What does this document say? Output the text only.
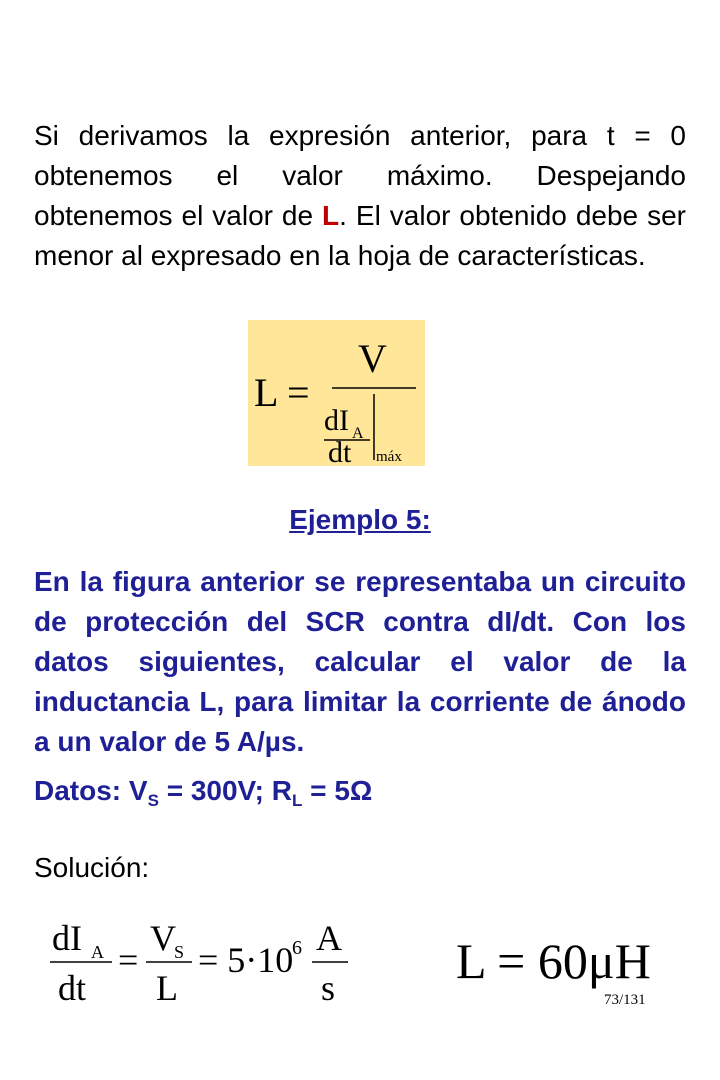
Si derivamos la expresión anterior, para t = 0 obtenemos el valor máximo. Despejando obtenemos el valor de L. El valor obtenido debe ser menor al expresado en la hoja de características.

L =
V
dI A
dt máx
Ejemplo 5:

En la figura anterior se representaba un circuito de protección del SCR contra dI/dt. Con los datos siguientes, calcular el valor de la inductancia L, para limitar la corriente de ánodo a un valor de 5 A/µs.

Datos: $V_S = 300V$; $R_L = 5\Omega$
Solución:
dI A
dt
=
V
S
L
= 5·10
6 A
s L = 60μH
73/131
